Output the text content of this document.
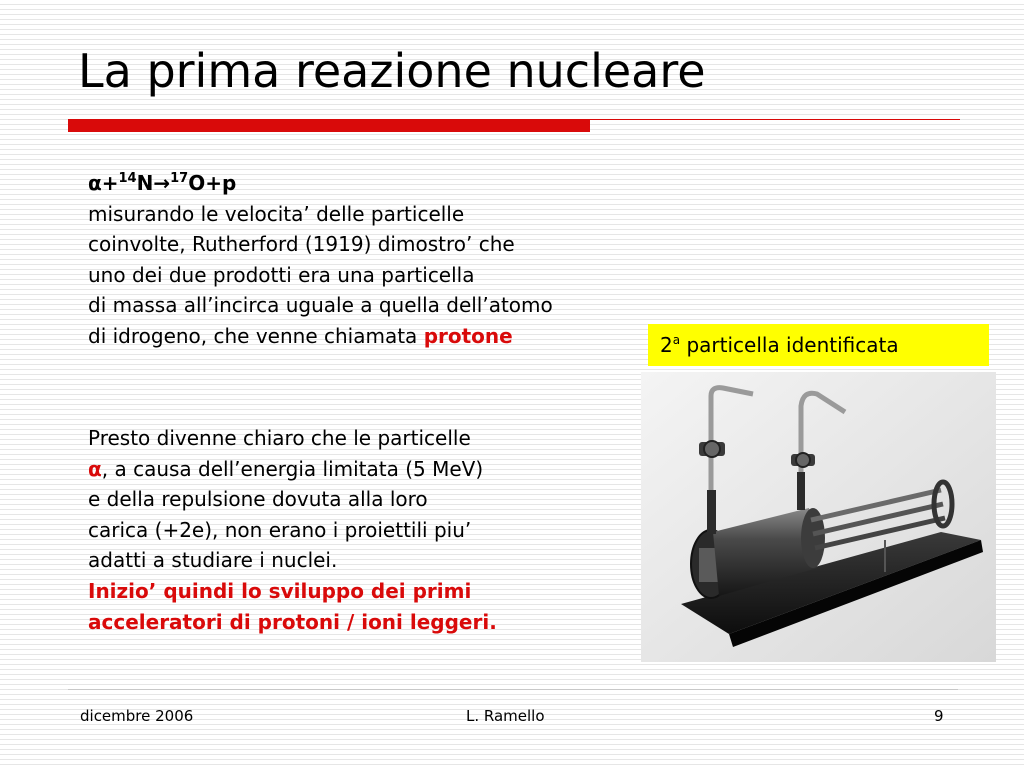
La prima reazione nucleare
α+$^{14}$N→$^{17}$O+p
misurando le velocita’ delle particelle
coinvolte, Rutherford (1919) dimostro’ che
uno dei due prodotti era una particella
di massa all’incirca uguale a quella dell’atomo
di idrogeno, che venne chiamata protone	2$^a$ particella identificata
Presto divenne chiaro che le particelle
α, a causa dell’energia limitata (5 MeV)
e della repulsione dovuta alla loro
carica (+2e), non erano i proiettili piu’
adatti a studiare i nuclei.
Inizio’ quindi lo sviluppo dei primi
acceleratori di protoni / ioni leggeri.
dicembre 2006	L. Ramello	9
